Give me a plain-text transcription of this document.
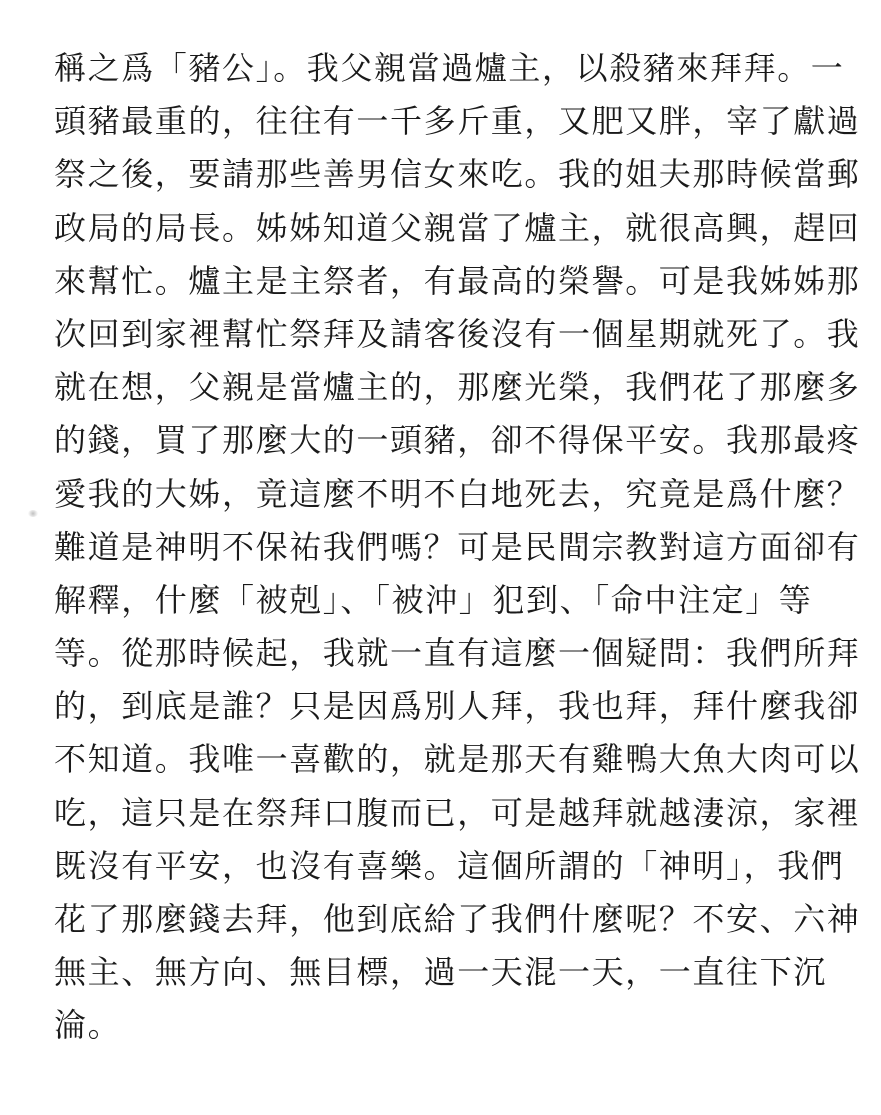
稱之爲「豬公」。我父親當過爐主，以殺豬來拜拜。一
頭豬最重的，往往有一千多斤重，又肥又胖，宰了獻過
祭之後，要請那些善男信女來吃。我的姐夫那時候當郵
政局的局長。姊姊知道父親當了爐主，就很高興，趕回
來幫忙。爐主是主祭者，有最高的榮譽。可是我姊姊那
次回到家裡幫忙祭拜及請客後沒有一個星期就死了。我
就在想，父親是當爐主的，那麼光榮，我們花了那麼多
的錢，買了那麼大的一頭豬，卻不得保平安。我那最疼
愛我的大姊，竟這麼不明不白地死去，究竟是爲什麼？
難道是神明不保祐我們嗎？可是民間宗教對這方面卻有
解釋，什麼「被剋」、「被沖」犯到、「命中注定」等
等。從那時候起，我就一直有這麼一個疑問：我們所拜
的，到底是誰？只是因爲別人拜，我也拜，拜什麼我卻
不知道。我唯一喜歡的，就是那天有雞鴨大魚大肉可以
吃，這只是在祭拜口腹而已，可是越拜就越淒涼，家裡
既沒有平安，也沒有喜樂。這個所謂的「神明」，我們
花了那麼錢去拜，他到底給了我們什麼呢？不安、六神
無主、無方向、無目標，過一天混一天，一直往下沉
淪。
